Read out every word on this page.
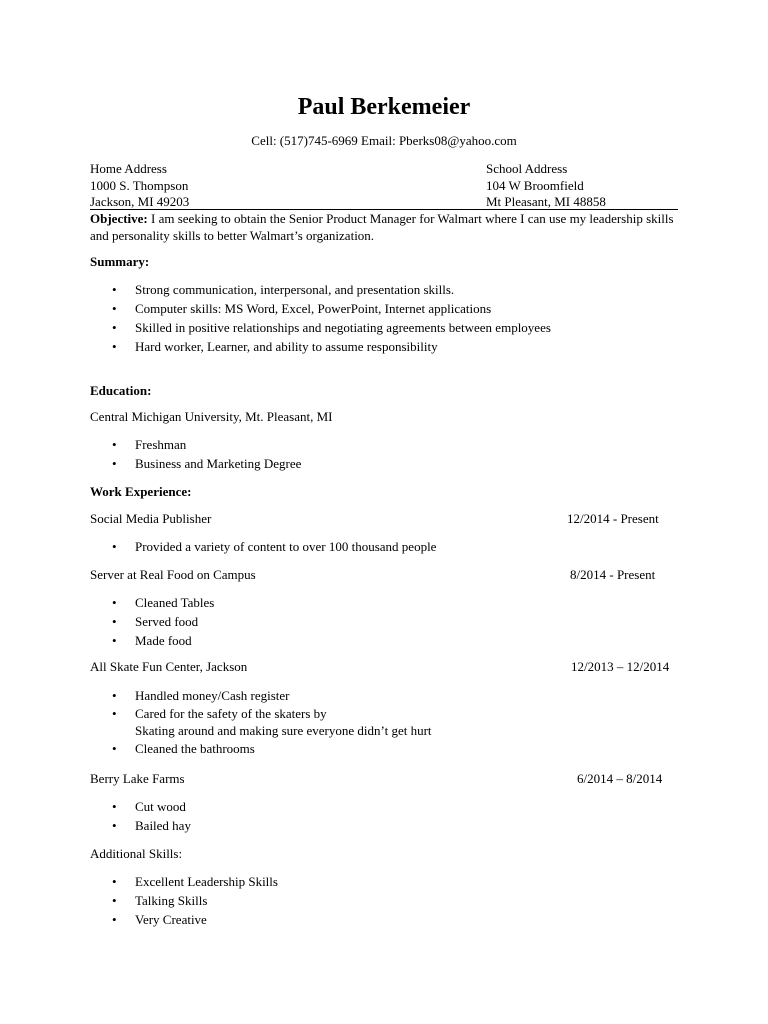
Paul Berkemeier
Cell: (517)745-6969 Email: Pberks08@yahoo.com
Home Address
1000 S. Thompson
Jackson, MI 49203
School Address
104 W Broomfield
Mt Pleasant, MI 48858
Objective: I am seeking to obtain the Senior Product Manager for Walmart where I can use my leadership skills and personality skills to better Walmart’s organization.
Summary:
• Strong communication, interpersonal, and presentation skills.
• Computer skills: MS Word, Excel, PowerPoint, Internet applications
• Skilled in positive relationships and negotiating agreements between employees
• Hard worker, Learner, and ability to assume responsibility
Education:
Central Michigan University, Mt. Pleasant, MI
• Freshman
• Business and Marketing Degree
Work Experience:
Social Media Publisher	12/2014 - Present
• Provided a variety of content to over 100 thousand people
Server at Real Food on Campus	8/2014 - Present
• Cleaned Tables
• Served food
• Made food
All Skate Fun Center, Jackson	12/2013 – 12/2014
• Handled money/Cash register
• Cared for the safety of the skaters by
Skating around and making sure everyone didn’t get hurt
• Cleaned the bathrooms
Berry Lake Farms	6/2014 – 8/2014
• Cut wood
• Bailed hay
Additional Skills:
• Excellent Leadership Skills
• Talking Skills
• Very Creative
